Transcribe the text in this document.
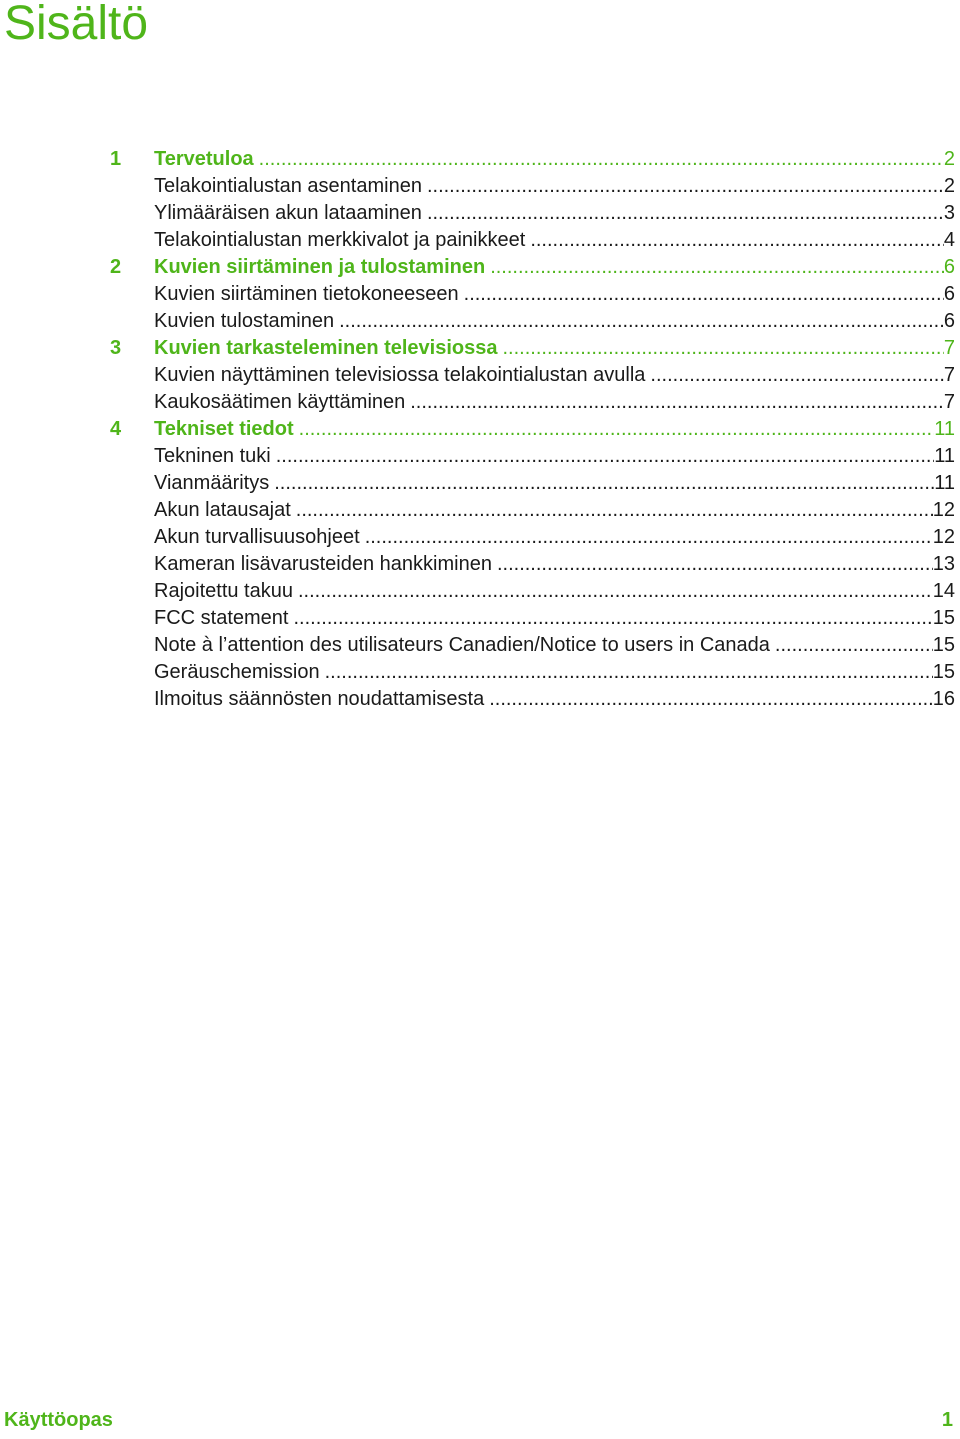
Sisältö
1	Tervetuloa .....	2
Telakointialustan asentaminen .....	2
Ylimääräisen akun lataaminen .....	3
Telakointialustan merkkivalot ja painikkeet .....	4
2	Kuvien siirtäminen ja tulostaminen .....	6
Kuvien siirtäminen tietokoneeseen .....	6
Kuvien tulostaminen .....	6
3	Kuvien tarkasteleminen televisiossa .....	7
Kuvien näyttäminen televisiossa telakointialustan avulla .....	7
Kaukosäätimen käyttäminen .....	7
4	Tekniset tiedot .....	11
Tekninen tuki .....	11
Vianmääritys .....	11
Akun latausajat .....	12
Akun turvallisuusohjeet .....	12
Kameran lisävarusteiden hankkiminen .....	13
Rajoitettu takuu .....	14
FCC statement .....	15
Note à l’attention des utilisateurs Canadien/Notice to users in Canada .....	15
Geräuschemission .....	15
Ilmoitus säännösten noudattamisesta .....	16
Käyttöopas	1
